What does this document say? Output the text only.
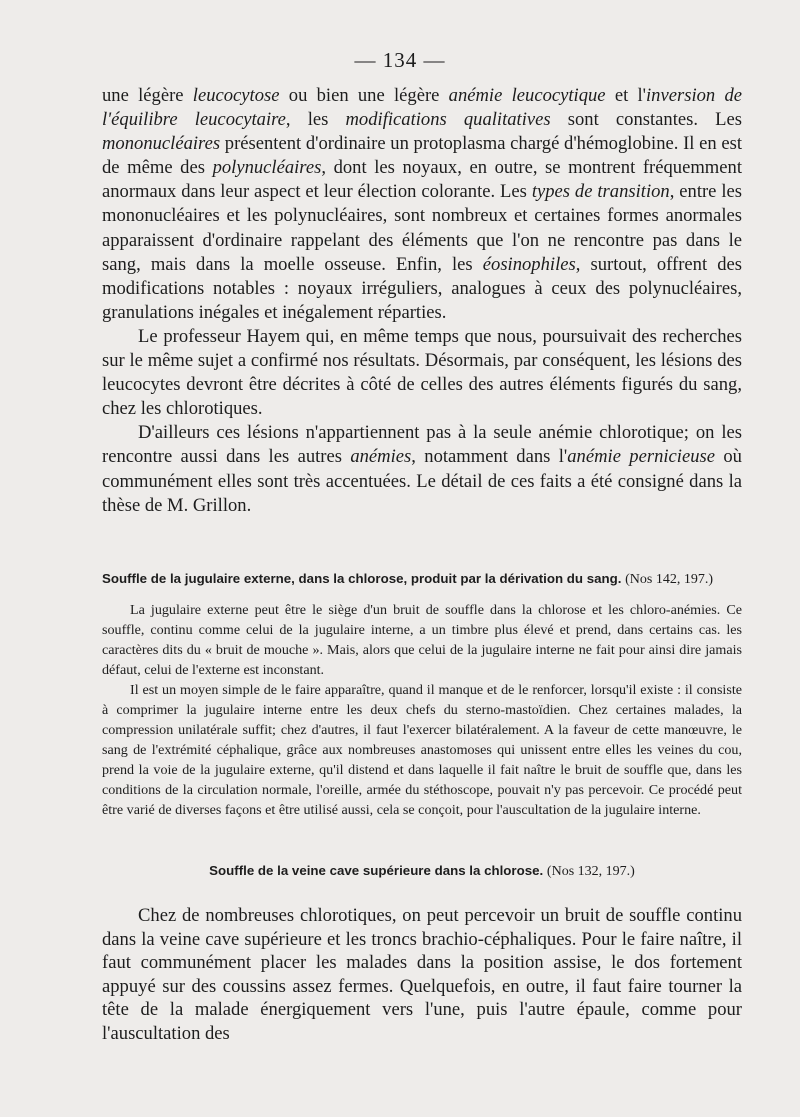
— 134 —

une légère leucocytose ou bien une légère anémie leucocytique et l'inversion de l'équilibre leucocytaire, les modifications qualitatives sont constantes. Les mononucléaires présentent d'ordinaire un protoplasma chargé d'hémoglobine. Il en est de même des polynucléaires, dont les noyaux, en outre, se montrent fréquemment anormaux dans leur aspect et leur élection colorante. Les types de transition, entre les mononucléaires et les polynucléaires, sont nombreux et certaines formes anormales apparaissent d'ordinaire rappelant des éléments que l'on ne rencontre pas dans le sang, mais dans la moelle osseuse. Enfin, les éosinophiles, surtout, offrent des modifications notables : noyaux irréguliers, analogues à ceux des polynucléaires, granulations inégales et inégalement réparties.

Le professeur Hayem qui, en même temps que nous, poursuivait des recherches sur le même sujet a confirmé nos résultats. Désormais, par conséquent, les lésions des leucocytes devront être décrites à côté de celles des autres éléments figurés du sang, chez les chlorotiques.

D'ailleurs ces lésions n'appartiennent pas à la seule anémie chlorotique; on les rencontre aussi dans les autres anémies, notamment dans l'anémie pernicieuse où communément elles sont très accentuées. Le détail de ces faits a été consigné dans la thèse de M. Grillon.

Souffle de la jugulaire externe, dans la chlorose, produit par la dérivation du sang. (Nos 142, 197.)

La jugulaire externe peut être le siège d'un bruit de souffle dans la chlorose et les chloro-anémies. Ce souffle, continu comme celui de la jugulaire interne, a un timbre plus élevé et prend, dans certains cas. les caractères dits du « bruit de mouche ». Mais, alors que celui de la jugulaire interne ne fait pour ainsi dire jamais défaut, celui de l'externe est inconstant.

Il est un moyen simple de le faire apparaître, quand il manque et de le renforcer, lorsqu'il existe : il consiste à comprimer la jugulaire interne entre les deux chefs du sterno-mastoïdien. Chez certaines malades, la compression unilatérale suffit; chez d'autres, il faut l'exercer bilatéralement. A la faveur de cette manœuvre, le sang de l'extrémité céphalique, grâce aux nombreuses anastomoses qui unissent entre elles les veines du cou, prend la voie de la jugulaire externe, qu'il distend et dans laquelle il fait naître le bruit de souffle que, dans les conditions de la circulation normale, l'oreille, armée du stéthoscope, pouvait n'y pas percevoir. Ce procédé peut être varié de diverses façons et être utilisé aussi, cela se conçoit, pour l'auscultation de la jugulaire interne.

Souffle de la veine cave supérieure dans la chlorose. (Nos 132, 197.)

Chez de nombreuses chlorotiques, on peut percevoir un bruit de souffle continu dans la veine cave supérieure et les troncs brachio-céphaliques. Pour le faire naître, il faut communément placer les malades dans la position assise, le dos fortement appuyé sur des coussins assez fermes. Quelquefois, en outre, il faut faire tourner la tête de la malade énergiquement vers l'une, puis l'autre épaule, comme pour l'auscultation des
